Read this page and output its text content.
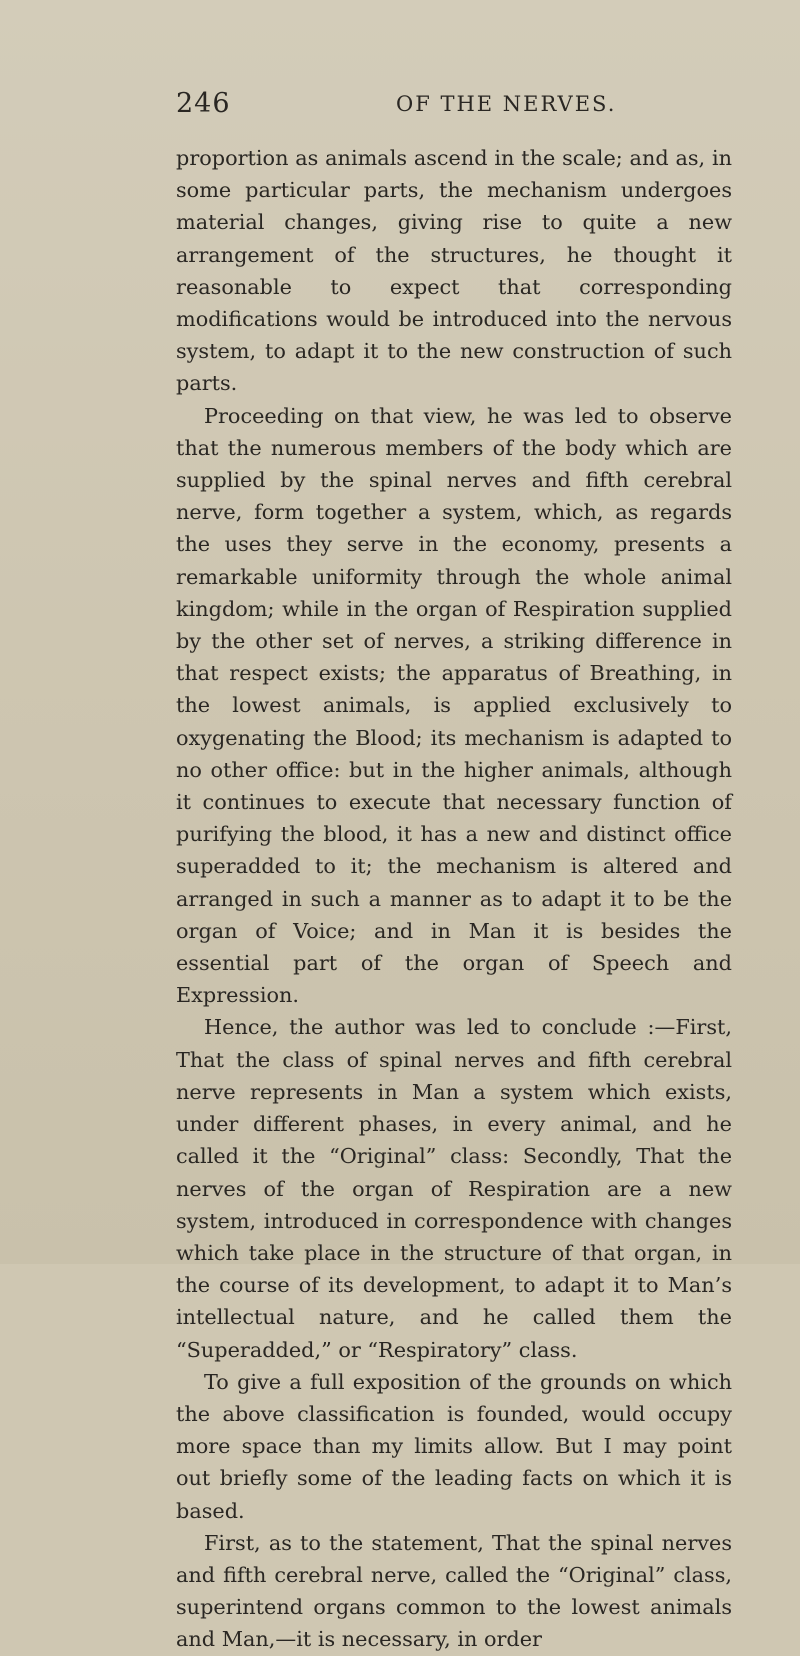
246	OF THE NERVES.

proportion as animals ascend in the scale; and as, in some particular parts, the mechanism undergoes material changes, giving rise to quite a new arrangement of the structures, he thought it reasonable to expect that corresponding modifications would be introduced into the nervous system, to adapt it to the new construction of such parts.

Proceeding on that view, he was led to observe that the numerous members of the body which are supplied by the spinal nerves and fifth cerebral nerve, form together a system, which, as regards the uses they serve in the economy, presents a remarkable uniformity through the whole animal kingdom; while in the organ of Respiration supplied by the other set of nerves, a striking difference in that respect exists; the apparatus of Breathing, in the lowest animals, is applied exclusively to oxygenating the Blood; its mechanism is adapted to no other office: but in the higher animals, although it continues to execute that necessary function of purifying the blood, it has a new and distinct office superadded to it; the mechanism is altered and arranged in such a manner as to adapt it to be the organ of Voice; and in Man it is besides the essential part of the organ of Speech and Expression.

Hence, the author was led to conclude :—First, That the class of spinal nerves and fifth cerebral nerve represents in Man a system which exists, under different phases, in every animal, and he called it the “Original” class: Secondly, That the nerves of the organ of Respiration are a new system, introduced in correspondence with changes which take place in the structure of that organ, in the course of its development, to adapt it to Man’s intellectual nature, and he called them the “Superadded,” or “Respiratory” class.

To give a full exposition of the grounds on which the above classification is founded, would occupy more space than my limits allow. But I may point out briefly some of the leading facts on which it is based.

First, as to the statement, That the spinal nerves and fifth cerebral nerve, called the “Original” class, superintend organs common to the lowest animals and Man,—it is necessary, in order
